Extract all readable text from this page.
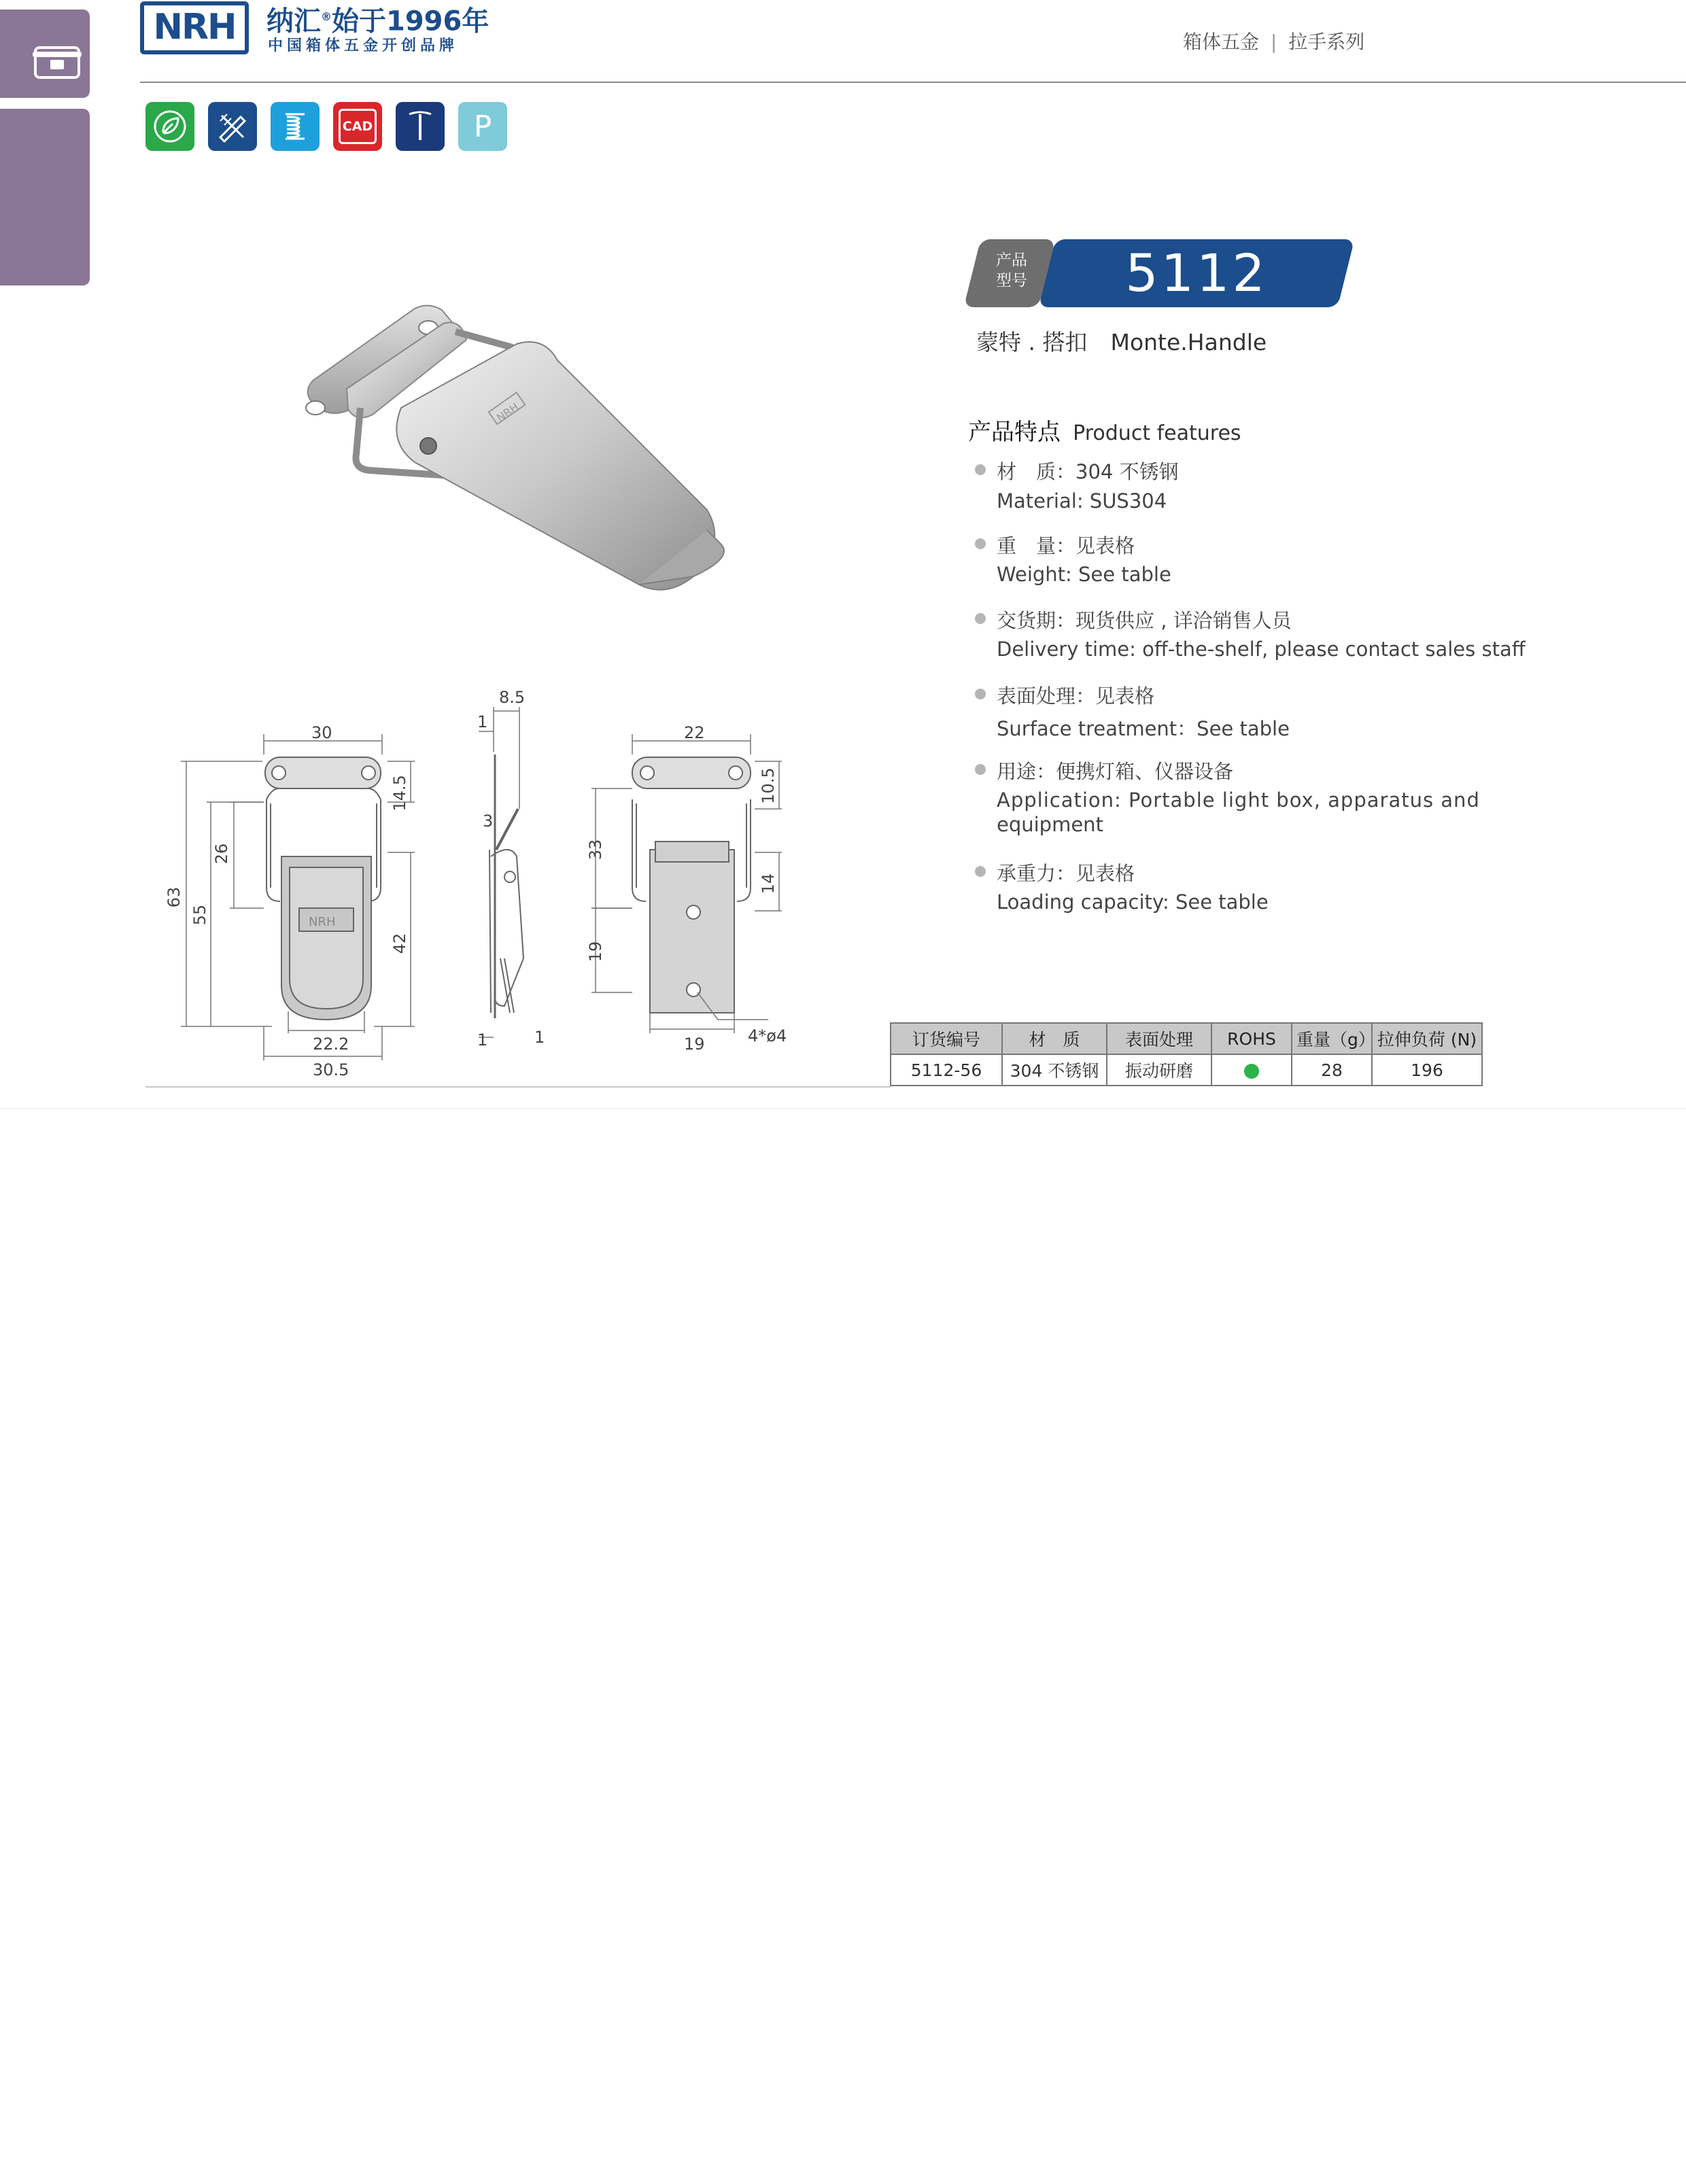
NRH	纳汇®始于1996年
中国箱体五金开创品牌	箱体五金 | 拉手系列
CAD	P
NRH
30
14.5
26
63
55
42
22.2
30.5
NRH
8.5
1
3
1	1
22
10.5
33
14
19
19	4*ø4
产品
型号	5112
蒙特 . 搭扣 Monte.Handle
产品特点 Product features
材　质：304 不锈钢
Material: SUS304
重　量：见表格
Weight: See table
交货期：现货供应 , 详洽销售人员
Delivery time: off-the-shelf, please contact sales staff
表面处理：见表格
Surface treatment：See table
用途：便携灯箱、仪器设备
Application: Portable light box, apparatus and
equipment
承重力：见表格
Loading capacity: See table
订货编号	材　质	表面处理	ROHS	重量（g）	拉伸负荷 (N)
5112-56	304 不锈钢	振动研磨		28	196
